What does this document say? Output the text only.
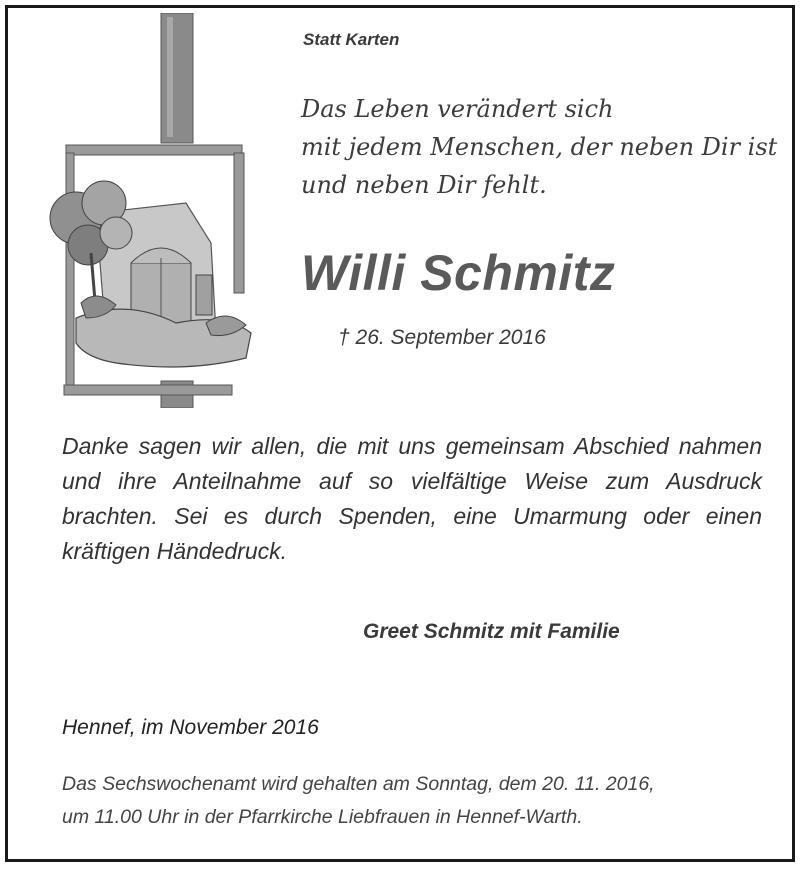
Statt Karten
Das Leben verändert sich
mit jedem Menschen, der neben Dir ist
und neben Dir fehlt.
Willi Schmitz
† 26. September 2016
Danke sagen wir allen, die mit uns gemeinsam Abschied nahmen und ihre Anteilnahme auf so vielfältige Weise zum Ausdruck brachten. Sei es durch Spenden, eine Umarmung oder einen kräftigen Händedruck.
Greet Schmitz mit Familie
Hennef, im November 2016
Das Sechswochenamt wird gehalten am Sonntag, dem 20. 11. 2016,
um 11.00 Uhr in der Pfarrkirche Liebfrauen in Hennef-Warth.
